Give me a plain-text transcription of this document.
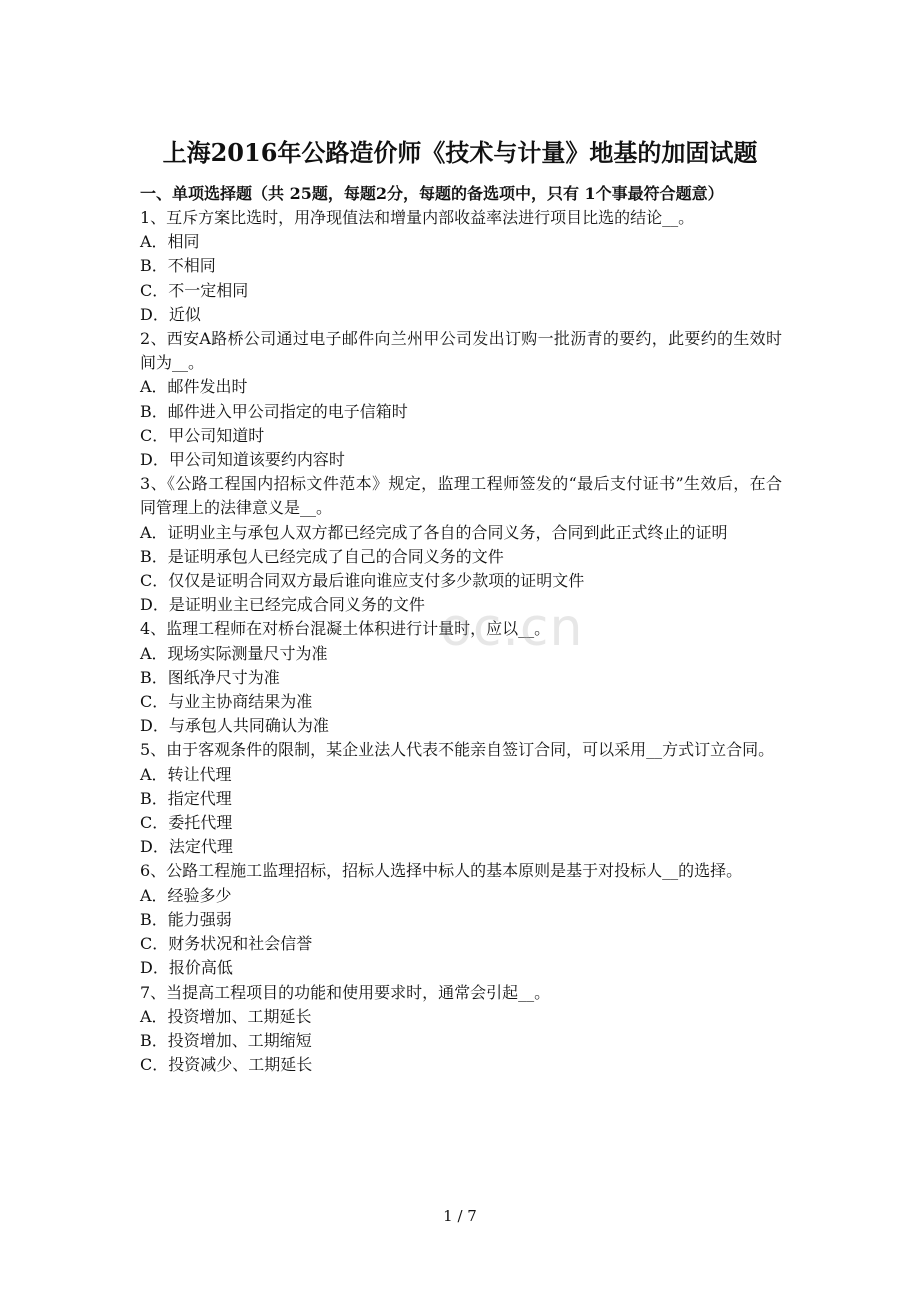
上海2016年公路造价师《技术与计量》地基的加固试题

一、单项选择题（共 25题，每题2分，每题的备选项中，只有 1个事最符合题意）

1、互斥方案比选时，用净现值法和增量内部收益率法进行项目比选的结论__。

A．相同

B．不相同

C．不一定相同

D．近似

2、西安A路桥公司通过电子邮件向兰州甲公司发出订购一批沥青的要约，此要约的生效时间为__。

A．邮件发出时

B．邮件进入甲公司指定的电子信箱时

C．甲公司知道时

D．甲公司知道该要约内容时

3、《公路工程国内招标文件范本》规定，监理工程师签发的“最后支付证书”生效后，在合同管理上的法律意义是__。

A．证明业主与承包人双方都已经完成了各自的合同义务，合同到此正式终止的证明

B．是证明承包人已经完成了自己的合同义务的文件

C．仅仅是证明合同双方最后谁向谁应支付多少款项的证明文件

D．是证明业主已经完成合同义务的文件

4、监理工程师在对桥台混凝土体积进行计量时，应以__。

A．现场实际测量尺寸为准

B．图纸净尺寸为准

C．与业主协商结果为准

D．与承包人共同确认为准

5、由于客观条件的限制，某企业法人代表不能亲自签订合同，可以采用__方式订立合同。

A．转让代理

B．指定代理

C．委托代理

D．法定代理

6、公路工程施工监理招标，招标人选择中标人的基本原则是基于对投标人__的选择。

A．经验多少

B．能力强弱

C．财务状况和社会信誉

D．报价高低

7、当提高工程项目的功能和使用要求时，通常会引起__。

A．投资增加、工期延长

B．投资增加、工期缩短

C．投资减少、工期延长

oc.cn
1 / 7
